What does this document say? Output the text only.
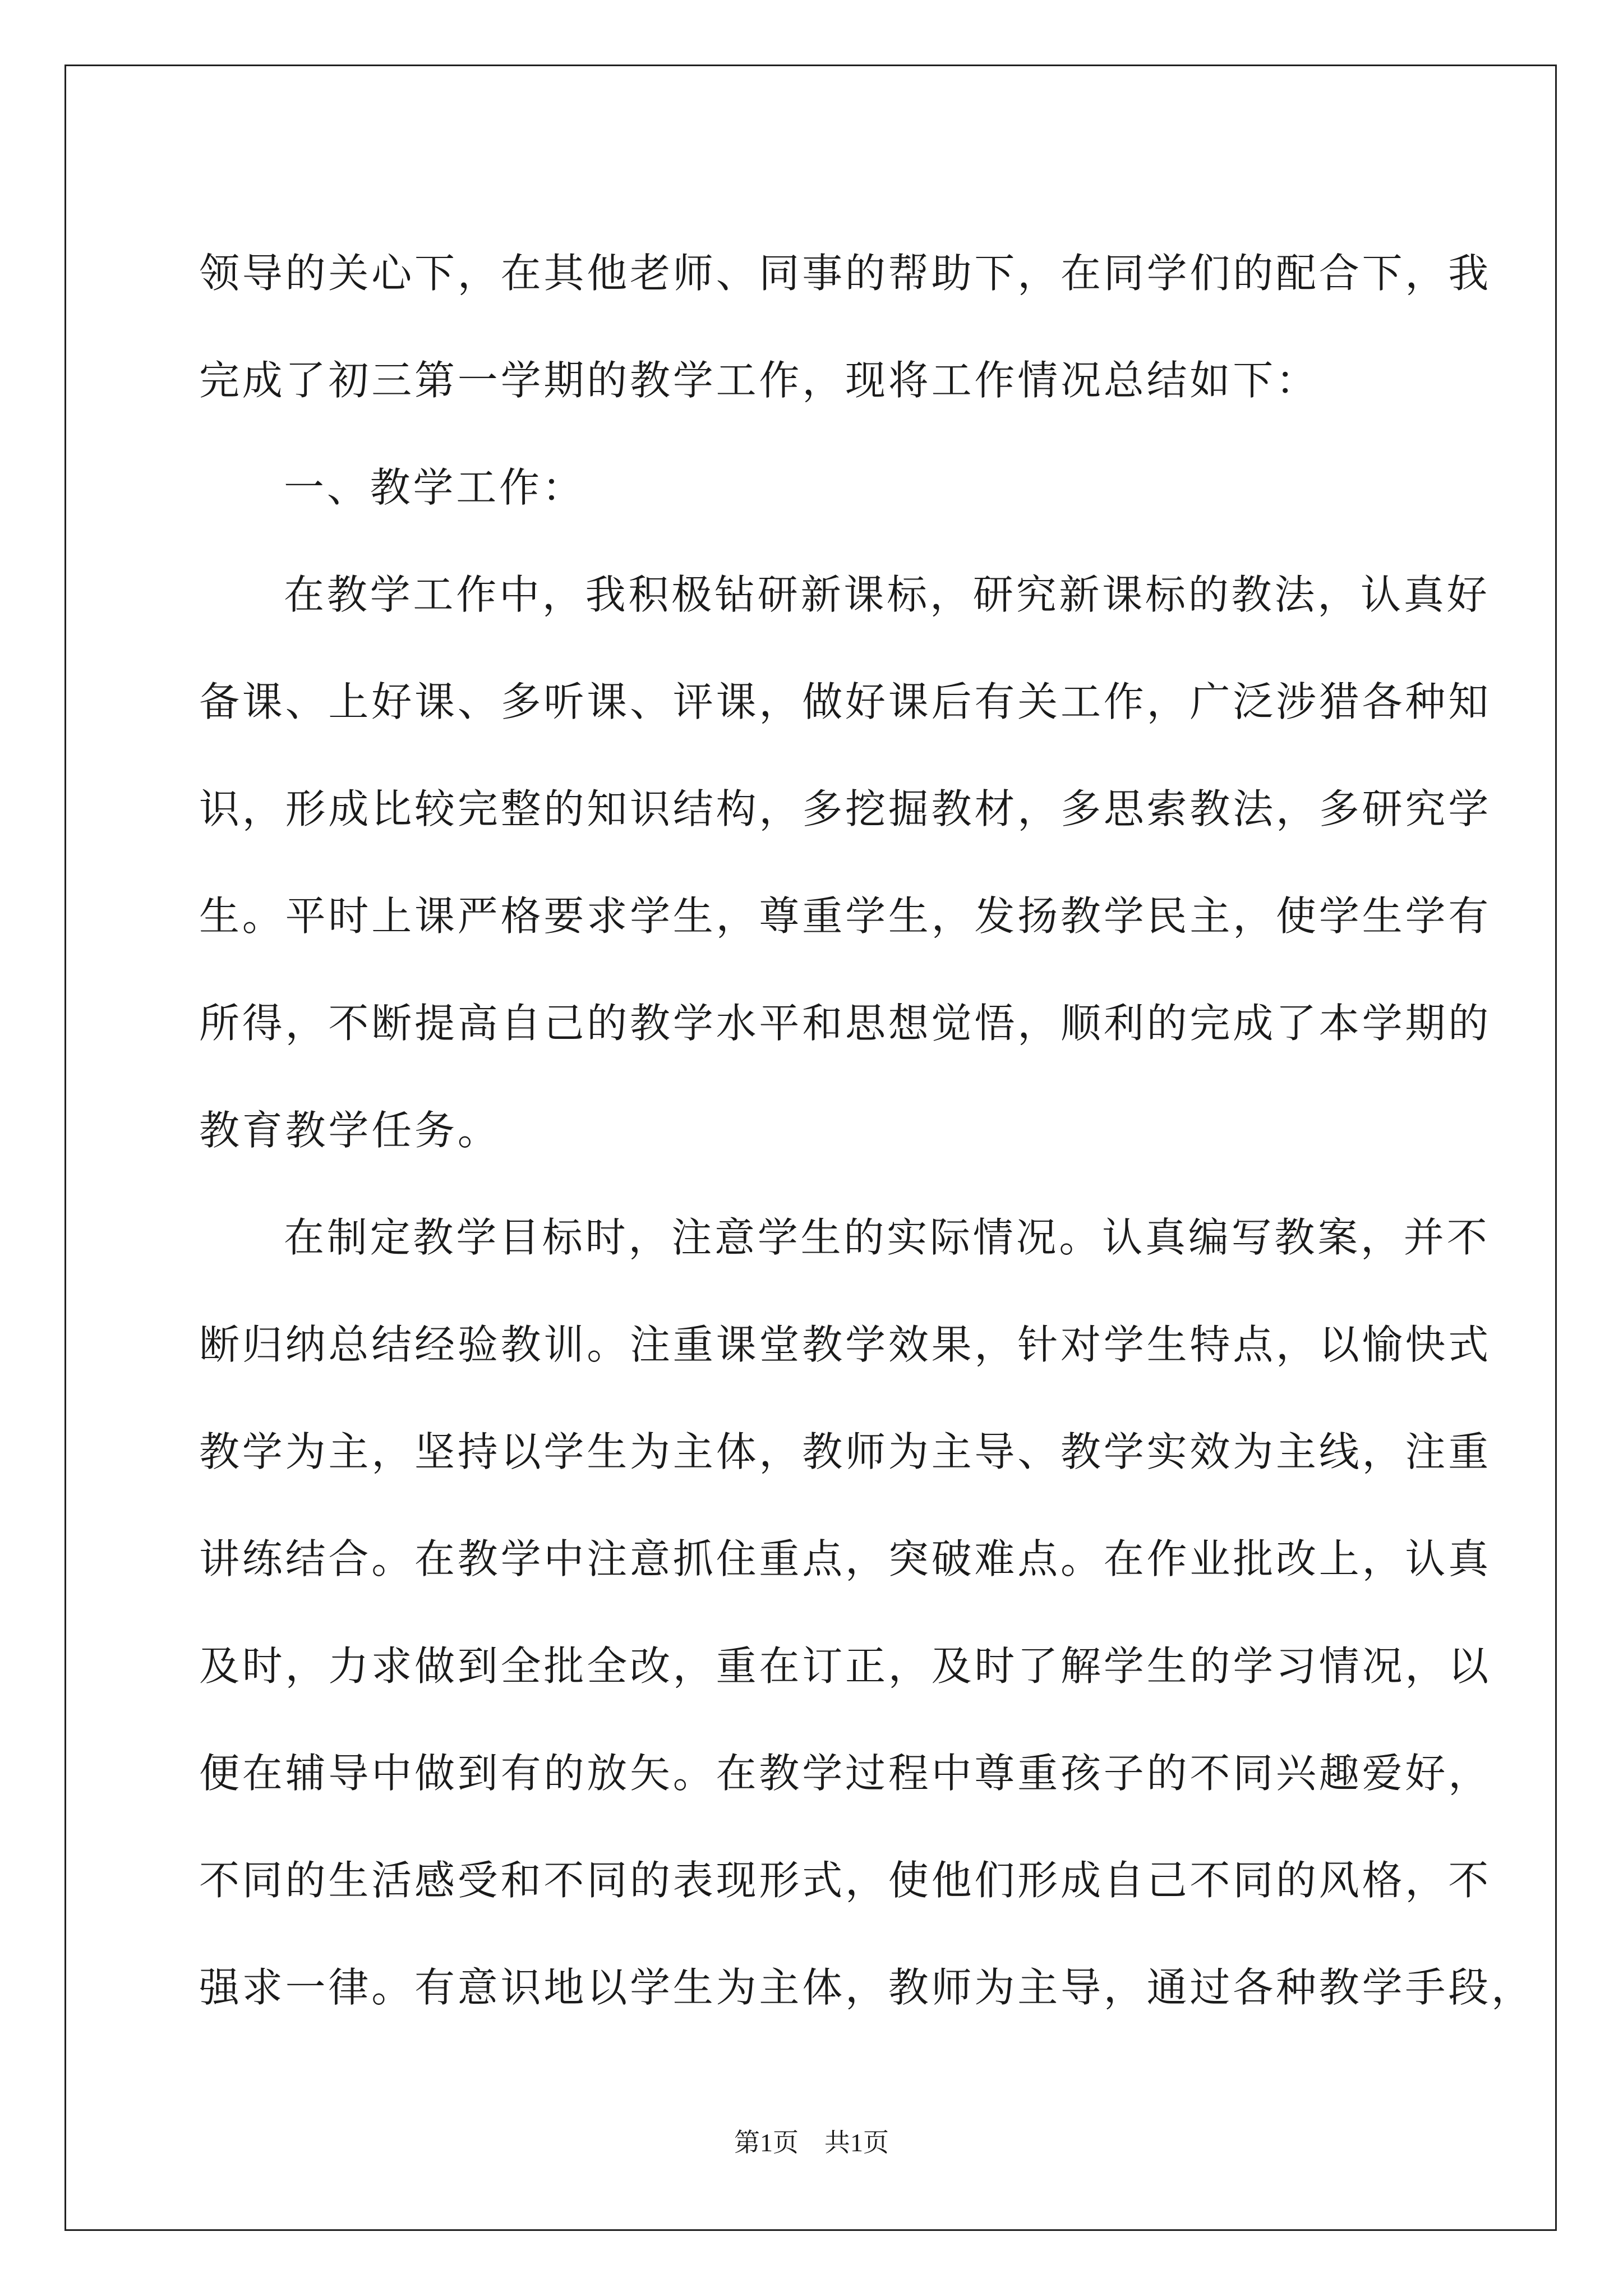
领导的关心下，在其他老师、同事的帮助下，在同学们的配合下，我
完成了初三第一学期的教学工作，现将工作情况总结如下：
一、教学工作：
在教学工作中，我积极钻研新课标，研究新课标的教法，认真好
备课、上好课、多听课、评课，做好课后有关工作，广泛涉猎各种知
识，形成比较完整的知识结构，多挖掘教材，多思索教法，多研究学
生。平时上课严格要求学生，尊重学生，发扬教学民主，使学生学有
所得，不断提高自己的教学水平和思想觉悟，顺利的完成了本学期的
教育教学任务。
在制定教学目标时，注意学生的实际情况。认真编写教案，并不
断归纳总结经验教训。注重课堂教学效果，针对学生特点，以愉快式
教学为主，坚持以学生为主体，教师为主导、教学实效为主线，注重
讲练结合。在教学中注意抓住重点，突破难点。在作业批改上，认真
及时，力求做到全批全改，重在订正，及时了解学生的学习情况，以
便在辅导中做到有的放矢。在教学过程中尊重孩子的不同兴趣爱好，
不同的生活感受和不同的表现形式，使他们形成自己不同的风格，不
强求一律。有意识地以学生为主体，教师为主导，通过各种教学手段，
第1页 共1页
